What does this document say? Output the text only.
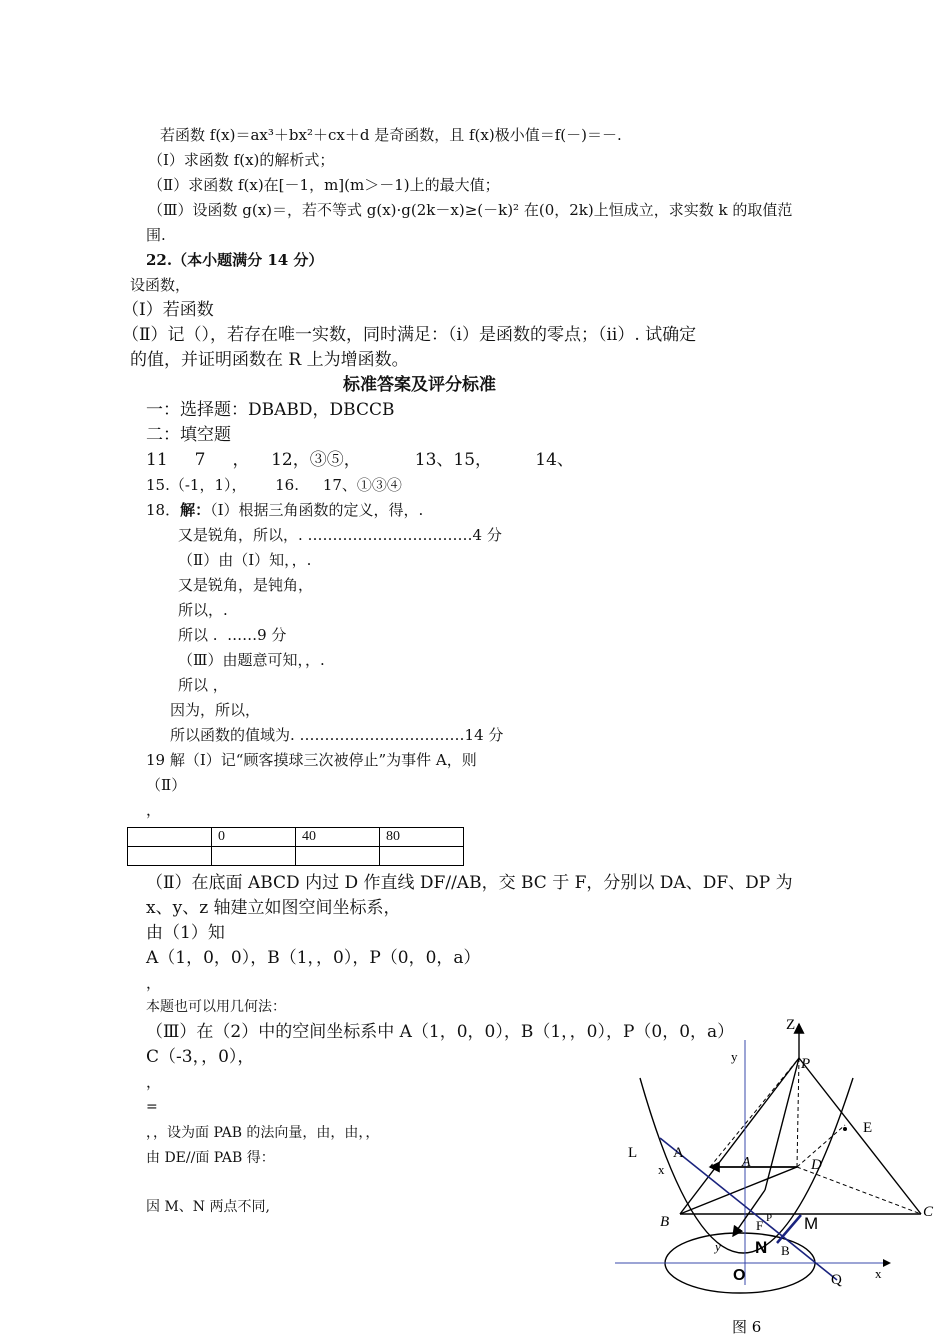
若函数 f(x)＝ax³＋bx²＋cx＋d 是奇函数，且 f(x)极小值＝f(－)＝－.
（Ⅰ）求函数 f(x)的解析式；
（Ⅱ）求函数 f(x)在[－1，m](m＞－1)上的最大值；
（Ⅲ）设函数 g(x)＝，若不等式 g(x)·g(2k－x)≥(－k)² 在(0，2k)上恒成立，求实数 k 的取值范
围.
22.（本小题满分 14 分）
设函数，
（Ⅰ）若函数
（Ⅱ）记（），若存在唯一实数，同时满足：（i）是函数的零点；（ii）. 试确定
的值，并证明函数在 R 上为增函数。
标准答案及评分标准
一：选择题：DBABD，DBCCB
二：填空题
11     7     ，    12，③⑤，          13、15，        14、
15.（-1，1），      16.     17、①③④
18．解：（Ⅰ）根据三角函数的定义，得，.
又是锐角，所以，. ……………………………4 分
（Ⅱ）由（Ⅰ）知，，.
又是锐角，是钝角，
所以，.
所以 .  ……9 分
（Ⅲ）由题意可知，，.
所以 ，
因为，所以，
所以函数的值域为. ……………………………14 分
19 解（Ⅰ）记“顾客摸球三次被停止”为事件 A，则
（Ⅱ）
，
	0	40	80

（Ⅱ）在底面 ABCD 内过 D 作直线 DF//AB，交 BC 于 F，分别以 DA、DF、DP 为
x、y、z 轴建立如图空间坐标系，
由（1）知
A（1，0，0），B（1，，0），P（0，0，a）
，
本题也可以用几何法：
（Ⅲ）在（2）中的空间坐标系中 A（1，0，0），B（1，，0），P（0，0，a）
C（-3，，0），
，
=
，，设为面 PAB 的法向量，由，由，，
由 DE//面 PAB 得：
因 M、N 两点不同,
Z
y	P
E
L A
x	A	D
B
C
F P M
N B
y
O	Q	x
图 6
